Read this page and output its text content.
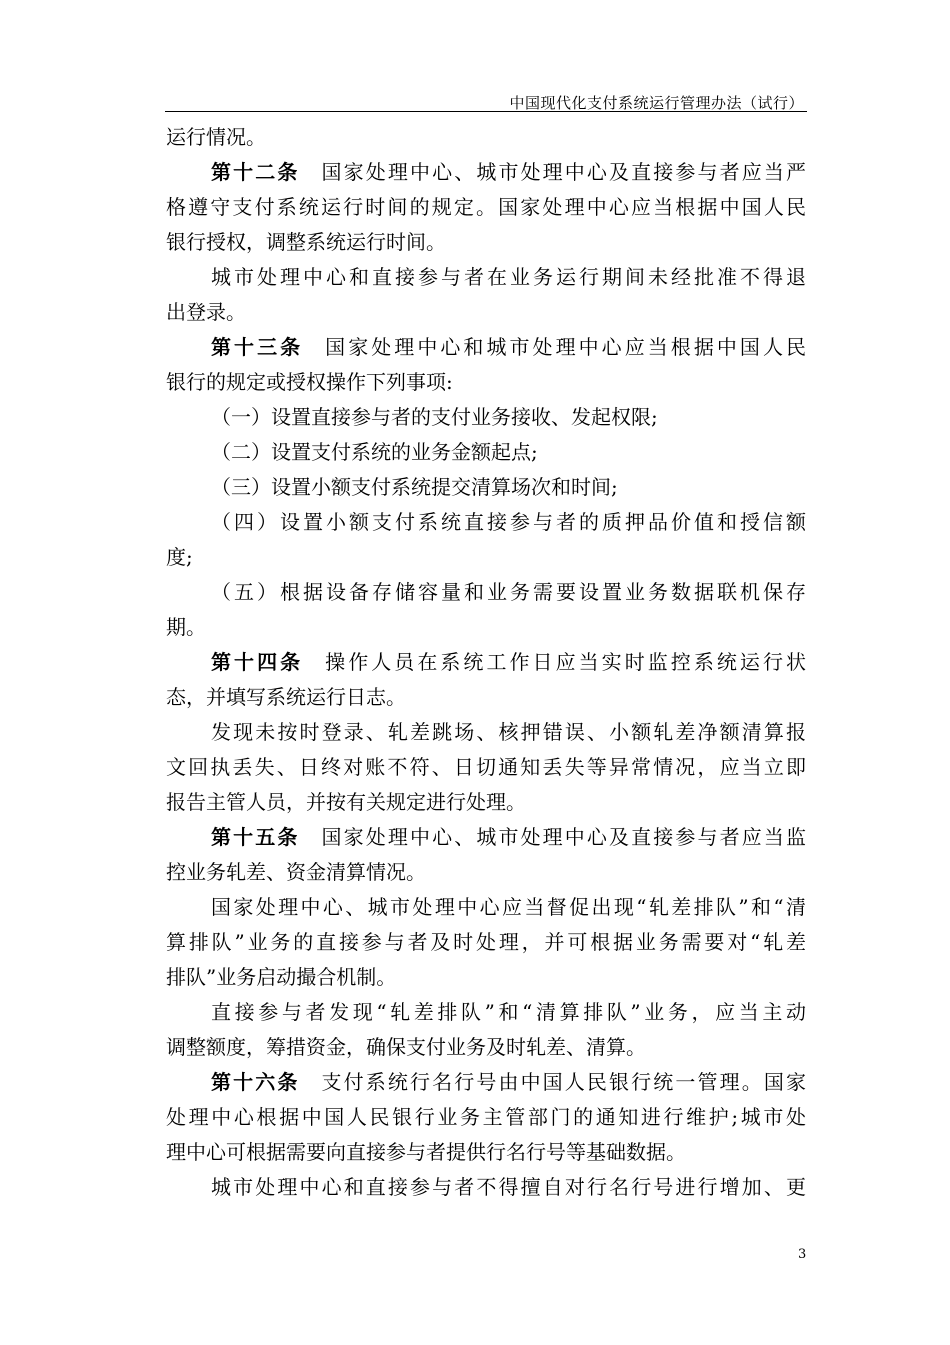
中国现代化支付系统运行管理办法（试行）
运行情况。
第十二条 国家处理中心、城市处理中心及直接参与者应当严
格遵守支付系统运行时间的规定。国家处理中心应当根据中国人民
银行授权，调整系统运行时间。
城市处理中心和直接参与者在业务运行期间未经批准不得退
出登录。
第十三条 国家处理中心和城市处理中心应当根据中国人民
银行的规定或授权操作下列事项:
（一）设置直接参与者的支付业务接收、发起权限;
（二）设置支付系统的业务金额起点;
（三）设置小额支付系统提交清算场次和时间;
（四）设置小额支付系统直接参与者的质押品价值和授信额
度;
（五）根据设备存储容量和业务需要设置业务数据联机保存
期。
第十四条 操作人员在系统工作日应当实时监控系统运行状
态，并填写系统运行日志。
发现未按时登录、轧差跳场、核押错误、小额轧差净额清算报
文回执丢失、日终对账不符、日切通知丢失等异常情况，应当立即
报告主管人员，并按有关规定进行处理。
第十五条 国家处理中心、城市处理中心及直接参与者应当监
控业务轧差、资金清算情况。
国家处理中心、城市处理中心应当督促出现“轧差排队”和“清
算排队”业务的直接参与者及时处理，并可根据业务需要对“轧差
排队”业务启动撮合机制。
直接参与者发现“轧差排队”和“清算排队”业务，应当主动
调整额度，筹措资金，确保支付业务及时轧差、清算。
第十六条 支付系统行名行号由中国人民银行统一管理。国家
处理中心根据中国人民银行业务主管部门的通知进行维护;城市处
理中心可根据需要向直接参与者提供行名行号等基础数据。
城市处理中心和直接参与者不得擅自对行名行号进行增加、更
3
